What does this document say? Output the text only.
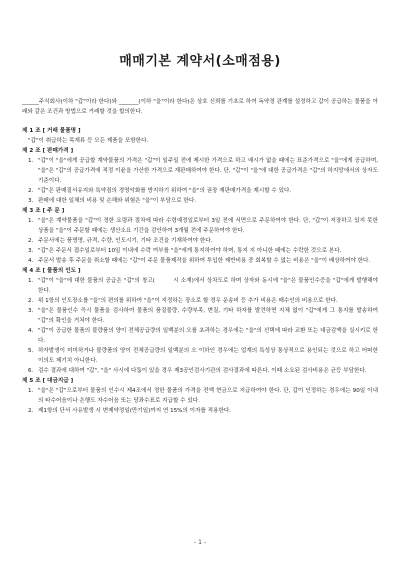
매매기본 계약서(소매점용)
______주식회사(이하 "갑"이라 한다)와 _______(이하 "을"이라 한다)은 상호 신뢰를 기초로 하여 독약정 관계를 설정하고 갑이 공급하는 물품을 아래와 같은 조건과 방법으로 거래할 것을 합의한다.
제 1 조 [ 거래 물품명 ]
"갑"이 취급하는 목재류 등 모든 제품을 포함한다.
제 2 조 [ 판매가격 ]
1. "갑"이 "을"에게 공급할 계약물품의 가격은 "갑"이 일주일 전에 제시한 가격으로 하고 예시가 없을 때에는 표준가격으로 "을"에게 공급하며, "을"은 "갑"의 공급가격에 적정 이윤을 가산한 가격으로 재판매하여야 한다. 단, "갑"이 "을"에 대한 공급가격은 "갑"의 하지망에서의 상자도 기준이다.
2. "갑"은 판매질서유지와 특약점의 경영악화를 방지하기 위하여 "을"의 권장 재판매가격을 제시할 수 있다.
3. 판매에 대한 일체의 비용 및 손해와 위험은 "을"이 부담으로 한다.
제 3 조 [ 주 문 ]
1. "을"은 계약물품을 "갑"이 정한 요령과 절차에 따라 수령예정일로부터 3일 전에 서면으로 주문하여야 한다. 단, "갑"이 저장하고 있지 못한 상품을 "을"이 주문할 때에는 생산소요 기간을 감안하여 3개월 전에 주문하여야 한다.
2. 주문서에는 품명명, 규격, 수량, 인도시기, 기타 조건을 기재하여야 한다.
3. "갑"은 주문서 접수일로부터 10일 이내에 수락 여부를 "을"에게 통지하여야 하며, 통지 지 아니한 때에는 수락한 것으로 본다.
4. 주문서 발송 후 주문을 취소할 때에는 "갑"이 주문 물품제작을 위하여 투입한 제반비용 중 회복할 수 없는 비용은 "을"이 배상하여야 한다.
제 4 조 [ 물품의 인도 ]
1. "갑"이 "을"에 대한 물품의 공급은 "갑"의 창고(　　　시 소재)에서 상차도로 하며 상자와 동시에 "을"은 물품인수증을 "갑"에게 발행해야 한다.
2. 위 1항의 인도장소를 "을"의 편의를 위하여 "을"이 지정하는 장소로 할 경우 운송비 등 추가 비용은 매수인의 비용으로 한다.
3. "을"은 물품인수 즉시 물품을 검사하여 물품의 품질불량, 수량부족, 변질, 기타 하자를 발견하면 지체 없이 "갑"에게 그 통지를 발송하여 "갑"의 확인을 거쳐야 한다.
4. "갑"이 공급한 물품의 불량품의 양이 전체공급량의 일백분의 오를 초과하는 경우에는 "을"의 선택에 따라 교환 또는 대금감액을 실시키로 한다.
5. 하자발생이 미미하거나 불량품의 양이 전체공급량의 일백분의 오 이하인 경우에는 업계의 특성상 통상적으로 용인되는 것으로 하고 어떠한 이의도 제기치 아니한다.
6. 검수 결과에 대하여 "갑", "을" 사시에 다툼이 있을 경우 제3공인검사기관의 검사결과에 따른다. 이때 소요된 검사비용은 균등 부담한다.
제 5 조 [ 대금지급 ]
1. "을"은 "갑"으로부터 물품의 인수시 제4조에서 정한 물품의 가격을 전액 현금으로 지급하여야 한다. 단, 갑이 인정하는 경우에는 90일 이내의 타수어음이나 은행도 자수어음 또는 당좌수표로 지급할 수 있다.
2. 제1항의 단서 사유발생 시 변제약정일(만기일)까지 연 15%의 이자를 적용한다.
- 1 -
